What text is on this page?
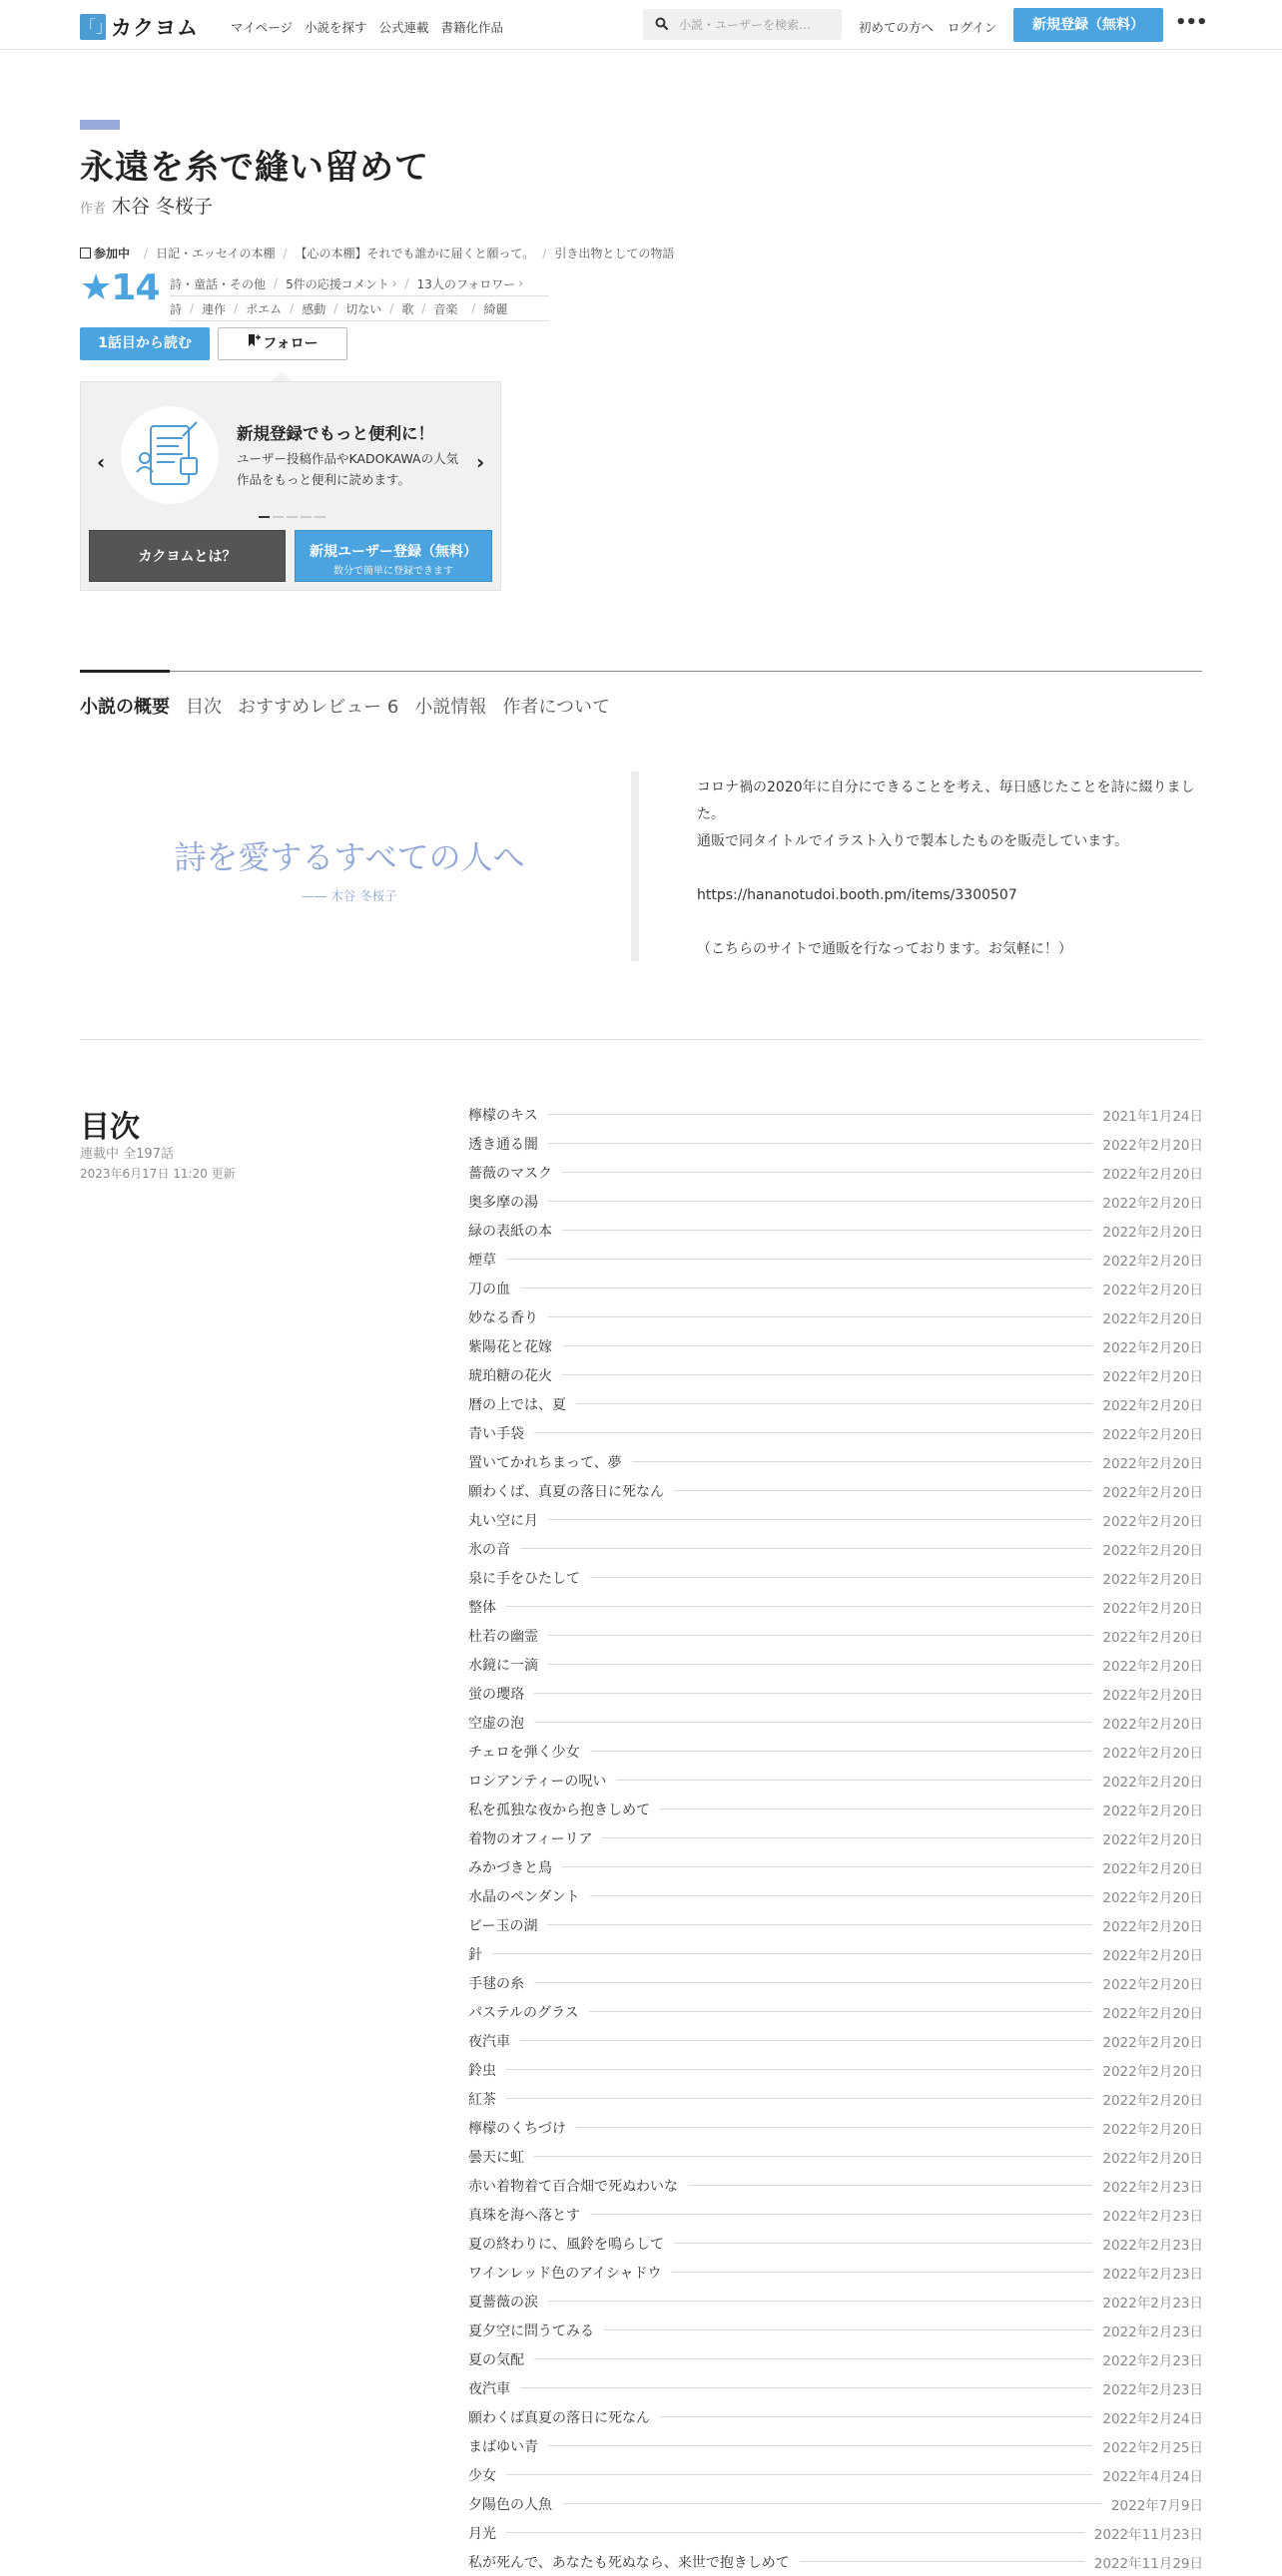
「」
カクヨム	マイページ 小説を探す 公式連載 書籍化作品
小説・ユーザーを検索…	初めての方へ ログイン	新規登録（無料）	•••
永遠を糸で縫い留めて
作者 木谷 冬桜子
参加中 / 日記・エッセイの本棚 / 【心の本棚】それでも誰かに届くと願って。 / 引き出物としての物語
★14 詩・童話・その他 / 5件の応援コメント › / 13人のフォロワー ›
詩 / 連作 / ポエム / 感動 / 切ない / 歌 / 音楽 / 綺麗
1話目から読む	フォロー
‹	›
新規登録でもっと便利に！
ユーザー投稿作品やKADOKAWAの人気作品をもっと便利に読めます。
カクヨムとは？	新規ユーザー登録（無料）
数分で簡単に登録できます
小説の概要 目次 おすすめレビュー 6 小説情報 作者について
詩を愛するすべての人へ
—— 木谷 冬桜子

コロナ禍の2020年に自分にできることを考え、毎日感じたことを詩に綴りました。

通販で同タイトルでイラスト入りで製本したものを販売しています。

https://hananotudoi.booth.pm/items/3300507

（こちらのサイトで通販を行なっております。お気軽に！）

目次
連載中 全197話
2023年6月17日 11:20 更新
檸檬のキス	2021年1月24日
透き通る闇	2022年2月20日
薔薇のマスク	2022年2月20日
奥多摩の湯	2022年2月20日
緑の表紙の本	2022年2月20日
煙草	2022年2月20日
刀の血	2022年2月20日
妙なる香り	2022年2月20日
紫陽花と花嫁	2022年2月20日
琥珀糖の花火	2022年2月20日
暦の上では、夏	2022年2月20日
青い手袋	2022年2月20日
置いてかれちまって、夢	2022年2月20日
願わくば、真夏の落日に死なん	2022年2月20日
丸い空に月	2022年2月20日
氷の音	2022年2月20日
泉に手をひたして	2022年2月20日
整体	2022年2月20日
杜若の幽霊	2022年2月20日
水鏡に一滴	2022年2月20日
蛍の瓔珞	2022年2月20日
空虚の泡	2022年2月20日
チェロを弾く少女	2022年2月20日
ロシアンティーの呪い	2022年2月20日
私を孤独な夜から抱きしめて	2022年2月20日
着物のオフィーリア	2022年2月20日
みかづきと鳥	2022年2月20日
水晶のペンダント	2022年2月20日
ビー玉の湖	2022年2月20日
針	2022年2月20日
手毬の糸	2022年2月20日
パステルのグラス	2022年2月20日
夜汽車	2022年2月20日
鈴虫	2022年2月20日
紅茶	2022年2月20日
檸檬のくちづけ	2022年2月20日
曇天に虹	2022年2月20日
赤い着物着て百合畑で死ぬわいな	2022年2月23日
真珠を海へ落とす	2022年2月23日
夏の終わりに、風鈴を鳴らして	2022年2月23日
ワインレッド色のアイシャドウ	2022年2月23日
夏薔薇の涙	2022年2月23日
夏夕空に問うてみる	2022年2月23日
夏の気配	2022年2月23日
夜汽車	2022年2月23日
願わくば真夏の落日に死なん	2022年2月24日
まばゆい青	2022年2月25日
少女	2022年4月24日
夕陽色の人魚	2022年7月9日
月光	2022年11月23日
私が死んで、あなたも死ぬなら、来世で抱きしめて	2022年11月29日
